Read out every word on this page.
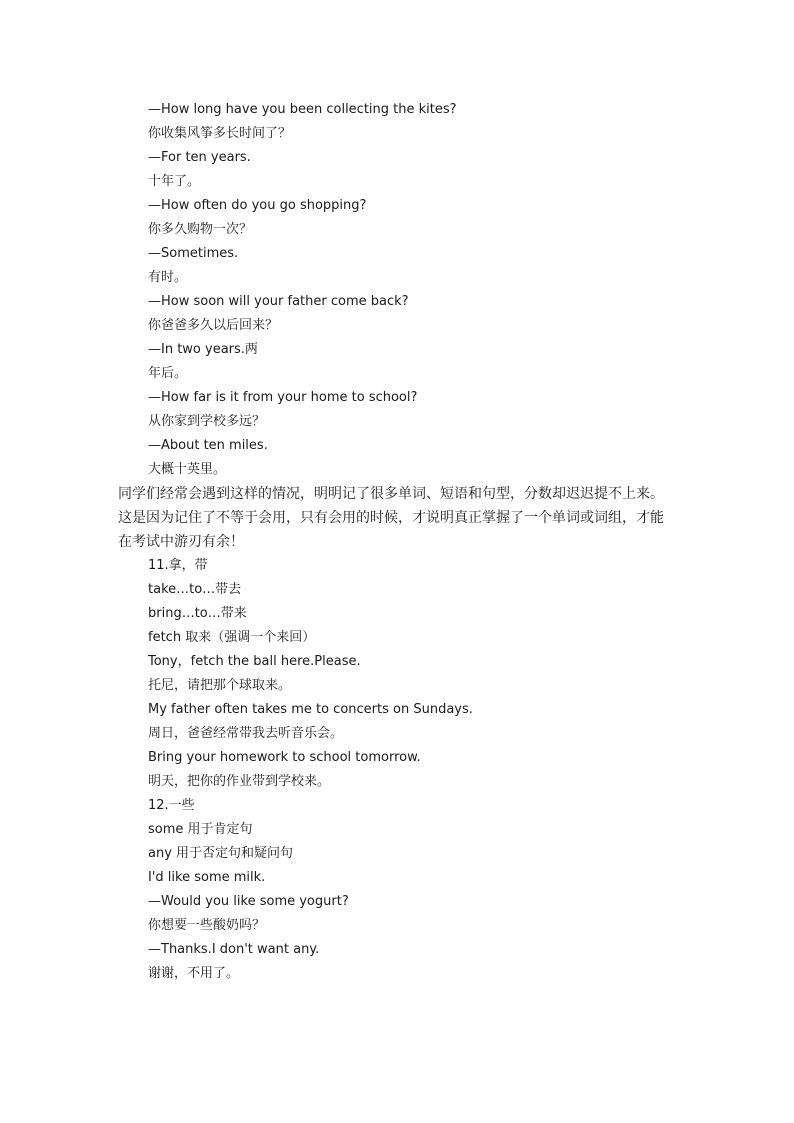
—How long have you been collecting the kites?
你收集风筝多长时间了？
—For ten years.
十年了。
—How often do you go shopping?
你多久购物一次？
—Sometimes.
有时。
—How soon will your father come back?
你爸爸多久以后回来？
—In two years.两
年后。
—How far is it from your home to school?
从你家到学校多远？
—About ten miles.
大概十英里。
同学们经常会遇到这样的情况，明明记了很多单词、短语和句型，分数却迟迟提不上来。
这是因为记住了不等于会用，只有会用的时候，才说明真正掌握了一个单词或词组，才能
在考试中游刃有余！
11.拿，带
take…to…带去
bring…to…带来
fetch 取来（强调一个来回）
Tony，fetch the ball here.Please.
托尼，请把那个球取来。
My father often takes me to concerts on Sundays.
周日，爸爸经常带我去听音乐会。
Bring your homework to school tomorrow.
明天，把你的作业带到学校来。
12.一些
some 用于肯定句
any 用于否定句和疑问句
I'd like some milk.
—Would you like some yogurt?
你想要一些酸奶吗？
—Thanks.I don't want any.
谢谢，不用了。
